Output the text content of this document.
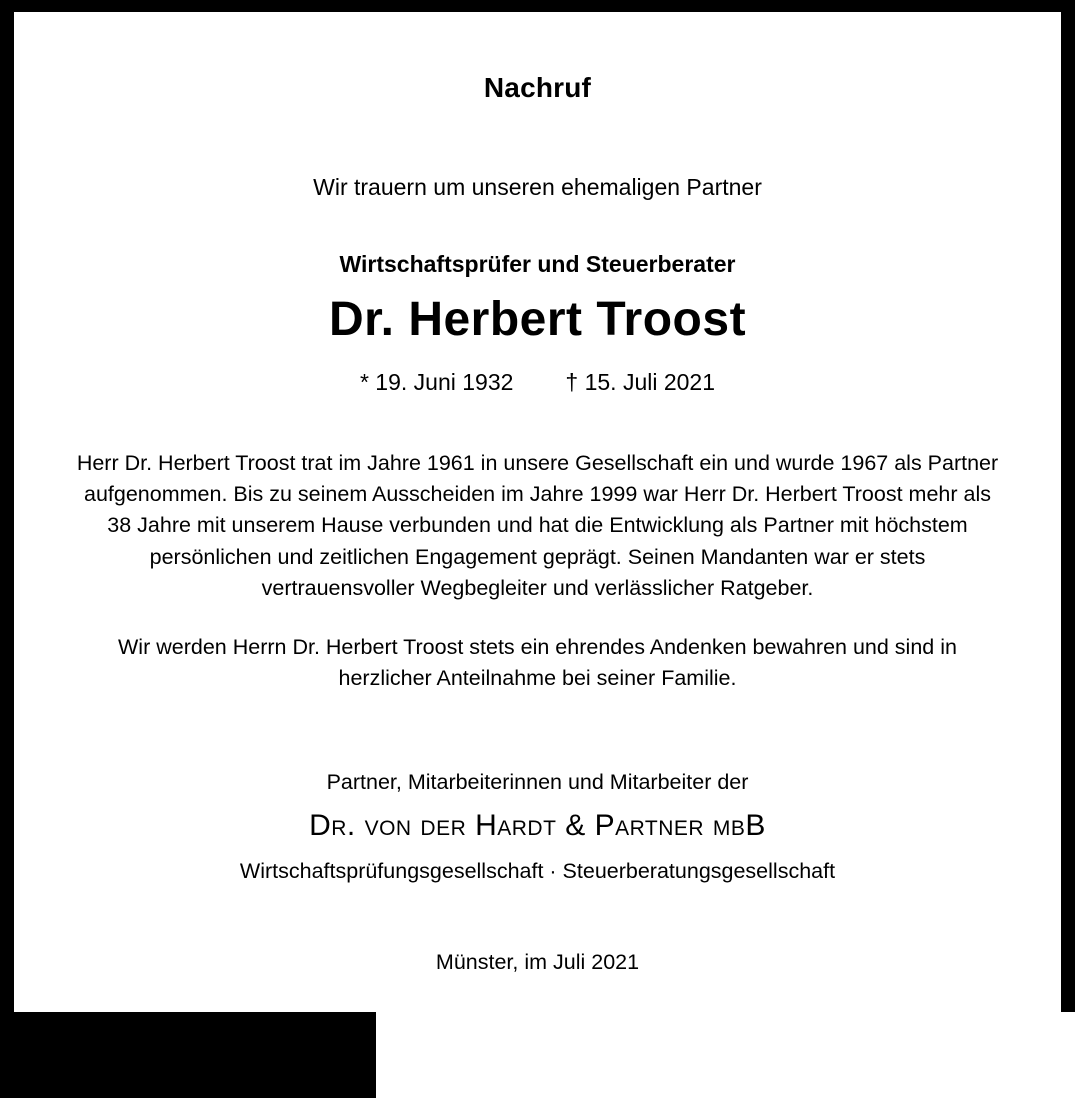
Nachruf
Wir trauern um unseren ehemaligen Partner
Wirtschaftsprüfer und Steuerberater
Dr. Herbert Troost
* 19. Juni 1932 † 15. Juli 2021
Herr Dr. Herbert Troost trat im Jahre 1961 in unsere Gesellschaft ein und wurde 1967 als Partner aufgenommen. Bis zu seinem Ausscheiden im Jahre 1999 war Herr Dr. Herbert Troost mehr als 38 Jahre mit unserem Hause verbunden und hat die Entwicklung als Partner mit höchstem persönlichen und zeitlichen Engagement geprägt. Seinen Mandanten war er stets vertrauensvoller Wegbegleiter und verlässlicher Ratgeber.
Wir werden Herrn Dr. Herbert Troost stets ein ehrendes Andenken bewahren und sind in herzlicher Anteilnahme bei seiner Familie.
Partner, Mitarbeiterinnen und Mitarbeiter der
Dr. von der Hardt & Partner mbB
Wirtschaftsprüfungsgesellschaft · Steuerberatungsgesellschaft
Münster, im Juli 2021
